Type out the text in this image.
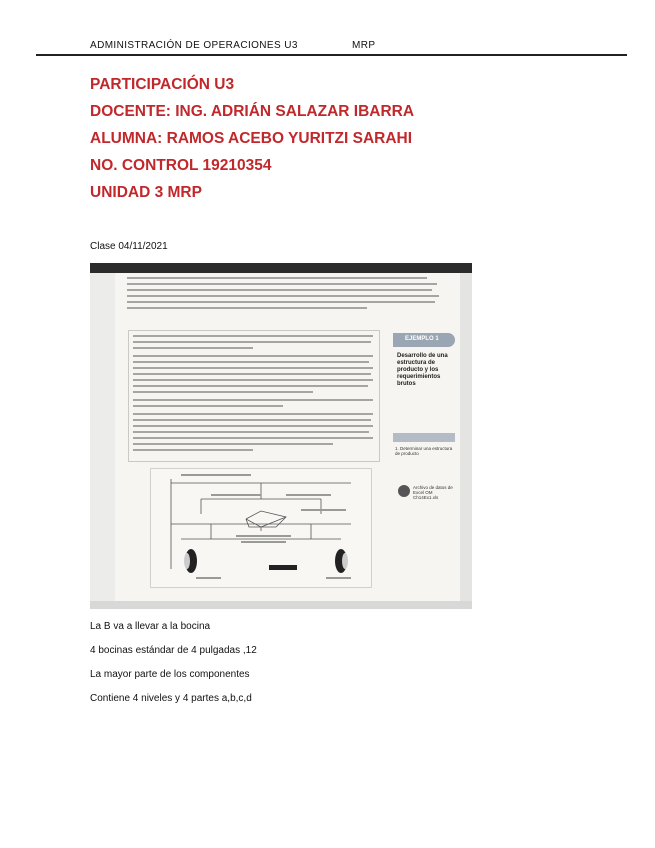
ADMINISTRACIÓN DE OPERACIONES U3	MRP
PARTICIPACIÓN U3
DOCENTE: ING. ADRIÁN SALAZAR IBARRA
ALUMNA: RAMOS ACEBO YURITZI SARAHI
NO. CONTROL 19210354
UNIDAD 3 MRP
Clase 04/11/2021
EJEMPLO 1
Desarrollo de una estructura de producto y los requerimientos brutos
1. Determinar una estructura de producto
Archivo de datos de Excel OM Ch14Ex1.xls
La B va a llevar a la bocina
4 bocinas estándar de 4 pulgadas ,12
La mayor parte de los componentes
Contiene 4 niveles y 4 partes a,b,c,d
